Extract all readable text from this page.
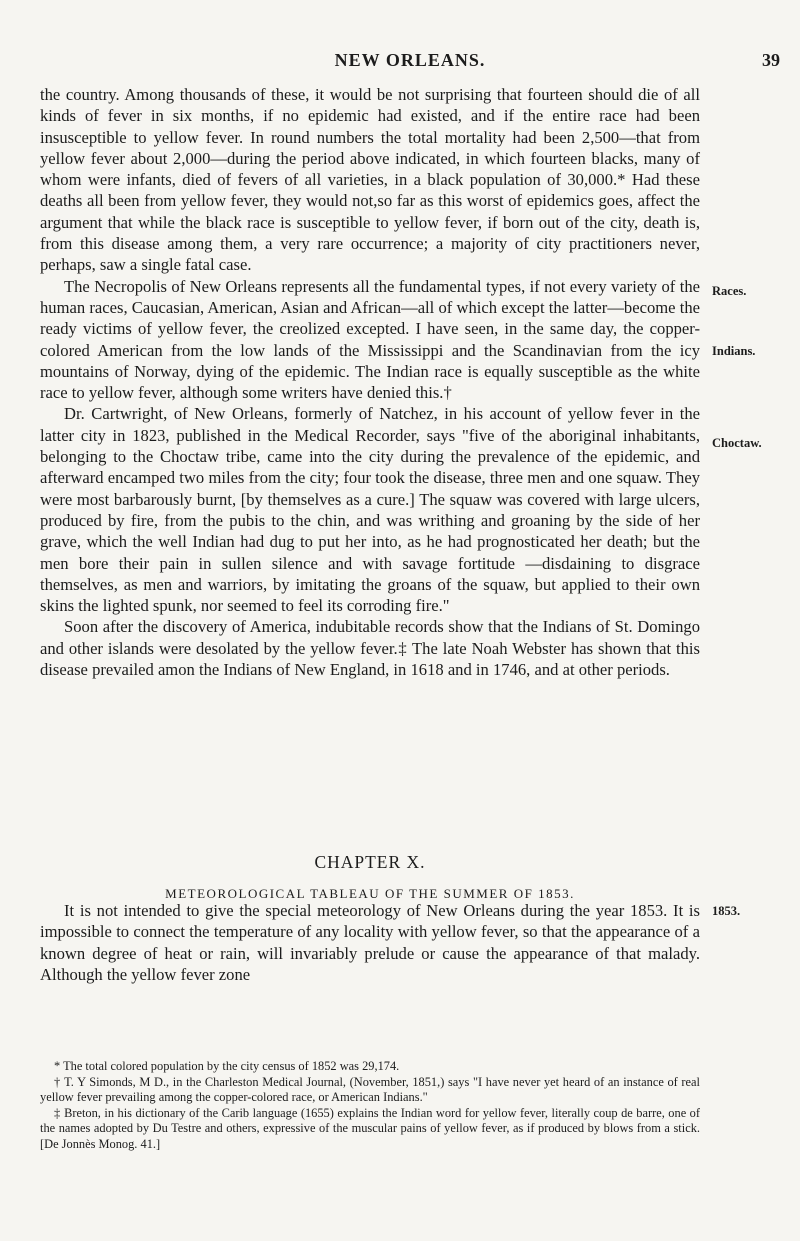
NEW ORLEANS.	39

the country. Among thousands of these, it would be not surprising that fourteen should die of all kinds of fever in six months, if no epidemic had existed, and if the entire race had been insusceptible to yellow fever. In round numbers the total mortality had been 2,500—that from yellow fever about 2,000—during the period above indicated, in which fourteen blacks, many of whom were infants, died of fevers of all varieties, in a black population of 30,000.* Had these deaths all been from yellow fever, they would not,so far as this worst of epidemics goes, affect the argument that while the black race is susceptible to yellow fever, if born out of the city, death is, from this disease among them, a very rare occurrence; a majority of city practitioners never, perhaps, saw a single fatal case.

The Necropolis of New Orleans represents all the fundamental types, if not every variety of the human races, Caucasian, American, Asian and African—all of which except the latter—become the ready victims of yellow fever, the creolized excepted. I have seen, in the same day, the copper-colored American from the low lands of the Mississippi and the Scandinavian from the icy mountains of Norway, dying of the epidemic. The Indian race is equally susceptible as the white race to yellow fever, although some writers have denied this.†

Dr. Cartwright, of New Orleans, formerly of Natchez, in his account of yellow fever in the latter city in 1823, published in the Medical Recorder, says "five of the aboriginal inhabitants, belonging to the Choctaw tribe, came into the city during the prevalence of the epidemic, and afterward encamped two miles from the city; four took the disease, three men and one squaw. They were most barbarously burnt, [by themselves as a cure.] The squaw was covered with large ulcers, produced by fire, from the pubis to the chin, and was writhing and groaning by the side of her grave, which the well Indian had dug to put her into, as he had prognosticated her death; but the men bore their pain in sullen silence and with savage fortitude —disdaining to disgrace themselves, as men and warriors, by imitating the groans of the squaw, but applied to their own skins the lighted spunk, nor seemed to feel its corroding fire."

Soon after the discovery of America, indubitable records show that the Indians of St. Domingo and other islands were desolated by the yellow fever.‡ The late Noah Webster has shown that this disease prevailed amon the Indians of New England, in 1618 and in 1746, and at other periods.

CHAPTER X.
METEOROLOGICAL TABLEAU OF THE SUMMER OF 1853.

It is not intended to give the special meteorology of New Orleans during the year 1853. It is impossible to connect the temperature of any locality with yellow fever, so that the appearance of a known degree of heat or rain, will invariably prelude or cause the appearance of that malady. Although the yellow fever zone

* The total colored population by the city census of 1852 was 29,174.

† T. Y Simonds, M D., in the Charleston Medical Journal, (November, 1851,) says "I have never yet heard of an instance of real yellow fever prevailing among the copper-colored race, or American Indians."

‡ Breton, in his dictionary of the Carib language (1655) explains the Indian word for yellow fever, literally coup de barre, one of the names adopted by Du Testre and others, expressive of the muscular pains of yellow fever, as if produced by blows from a stick. [De Jonnès Monog. 41.]

Races.
Indians.
Choctaw.
1853.
